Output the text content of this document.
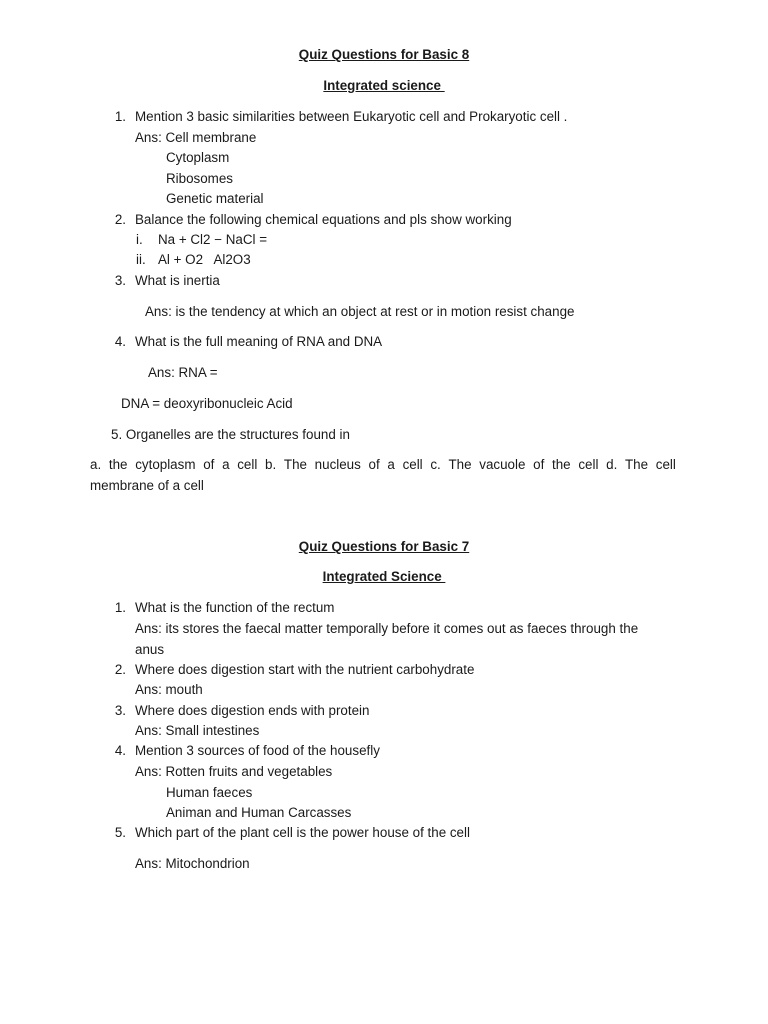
Quiz Questions for Basic 8
Integrated science
1. Mention 3 basic similarities between Eukaryotic cell and Prokaryotic cell .
Ans: Cell membrane
Cytoplasm
Ribosomes
Genetic material
2. Balance the following chemical equations and pls show working
i. Na + Cl2 − NaCl =
ii. Al + O2   Al2O3
3. What is inertia
Ans: is the tendency at which an object at rest or in motion resist change
4. What is the full meaning of RNA and DNA
Ans: RNA =
DNA = deoxyribonucleic Acid
5. Organelles are the structures found in
a. the cytoplasm of a cell b. The nucleus of a cell c. The vacuole of the cell d. The cell
membrane of a cell
Quiz Questions for Basic 7
Integrated Science
1. What is the function of the rectum
Ans: its stores the faecal matter temporally before it comes out as faeces through the
anus
2. Where does digestion start with the nutrient carbohydrate
Ans: mouth
3. Where does digestion ends with protein
Ans: Small intestines
4. Mention 3 sources of food of the housefly
Ans: Rotten fruits and vegetables
Human faeces
Animan and Human Carcasses
5. Which part of the plant cell is the power house of the cell
Ans: Mitochondrion
